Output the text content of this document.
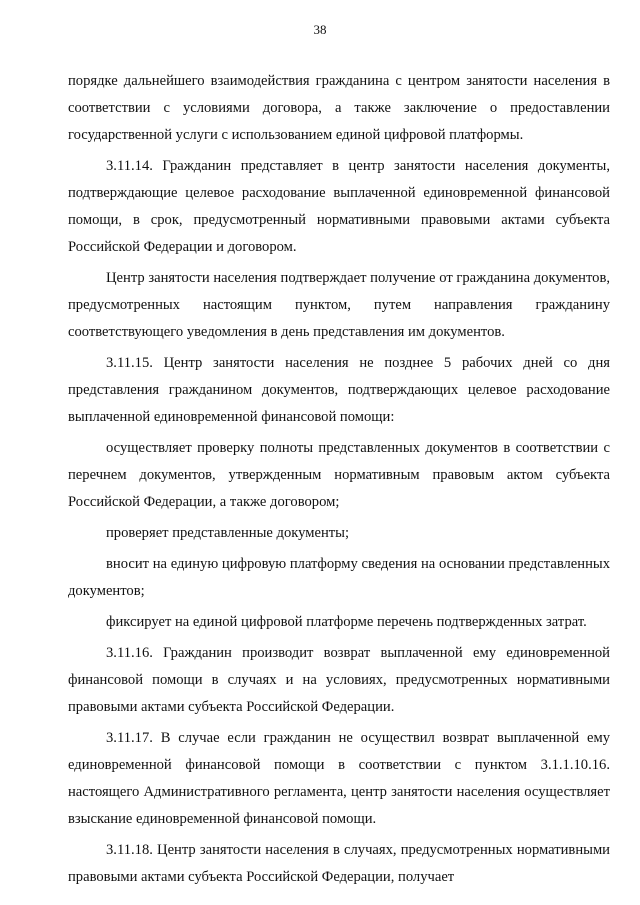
38

порядке дальнейшего взаимодействия гражданина с центром занятости населения в соответствии с условиями договора, а также заключение о предоставлении государственной услуги с использованием единой цифровой платформы.

3.11.14. Гражданин представляет в центр занятости населения документы, подтверждающие целевое расходование выплаченной единовременной финансовой помощи, в срок, предусмотренный нормативными правовыми актами субъекта Российской Федерации и договором.

Центр занятости населения подтверждает получение от гражданина документов, предусмотренных настоящим пунктом, путем направления гражданину соответствующего уведомления в день представления им документов.

3.11.15. Центр занятости населения не позднее 5 рабочих дней со дня представления гражданином документов, подтверждающих целевое расходование выплаченной единовременной финансовой помощи:

осуществляет проверку полноты представленных документов в соответствии с перечнем документов, утвержденным нормативным правовым актом субъекта Российской Федерации, а также договором;

проверяет представленные документы;

вносит на единую цифровую платформу сведения на основании представленных документов;

фиксирует на единой цифровой платформе перечень подтвержденных затрат.

3.11.16. Гражданин производит возврат выплаченной ему единовременной финансовой помощи в случаях и на условиях, предусмотренных нормативными правовыми актами субъекта Российской Федерации.

3.11.17. В случае если гражданин не осуществил возврат выплаченной ему единовременной финансовой помощи в соответствии с пунктом 3.1.1.10.16. настоящего Административного регламента, центр занятости населения осуществляет взыскание единовременной финансовой помощи.

3.11.18. Центр занятости населения в случаях, предусмотренных нормативными правовыми актами субъекта Российской Федерации, получает
